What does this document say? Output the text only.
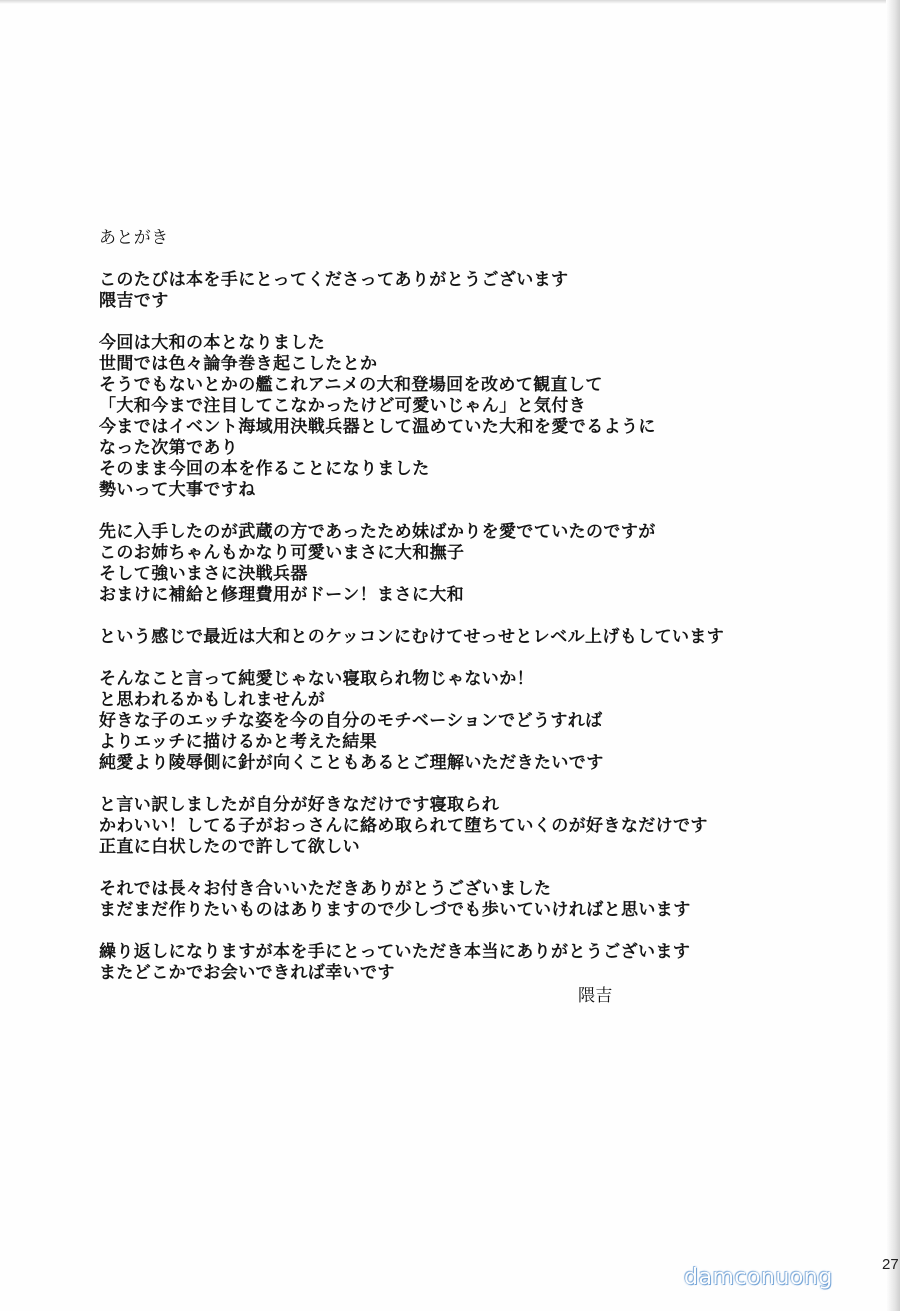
あとがき
このたびは本を手にとってくださってありがとうございます
隈吉です
今回は大和の本となりました
世間では色々論争巻き起こしたとか
そうでもないとかの艦これアニメの大和登場回を改めて観直して
「大和今まで注目してこなかったけど可愛いじゃん」と気付き
今まではイベント海域用決戦兵器として温めていた大和を愛でるように
なった次第であり
そのまま今回の本を作ることになりました
勢いって大事ですね
先に入手したのが武蔵の方であったため妹ばかりを愛でていたのですが
このお姉ちゃんもかなり可愛いまさに大和撫子
そして強いまさに決戦兵器
おまけに補給と修理費用がドーン！まさに大和
という感じで最近は大和とのケッコンにむけてせっせとレベル上げもしています
そんなこと言って純愛じゃない寝取られ物じゃないか！
と思われるかもしれませんが
好きな子のエッチな姿を今の自分のモチベーションでどうすれば
よりエッチに描けるかと考えた結果
純愛より陵辱側に針が向くこともあるとご理解いただきたいです
と言い訳しましたが自分が好きなだけです寝取られ
かわいい！してる子がおっさんに絡め取られて堕ちていくのが好きなだけです
正直に白状したので許して欲しい
それでは長々お付き合いいただきありがとうございました
まだまだ作りたいものはありますので少しづでも歩いていければと思います
繰り返しになりますが本を手にとっていただき本当にありがとうございます
またどこかでお会いできれば幸いです
隈吉
27
damconuong
